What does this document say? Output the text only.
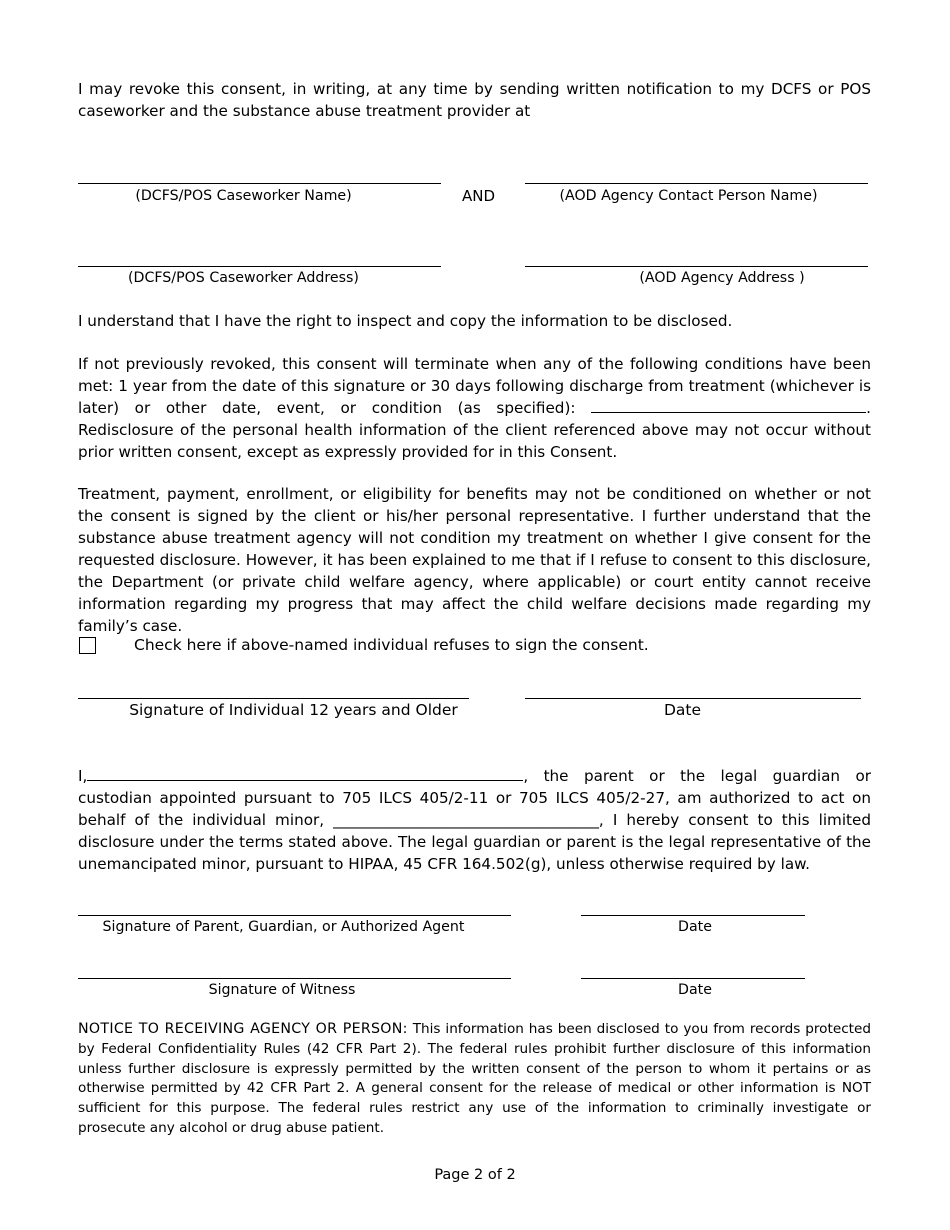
I may revoke this consent, in writing, at any time by sending written notification to my DCFS or POS caseworker and the substance abuse treatment provider at

(DCFS/POS Caseworker Name)	AND	(AOD Agency Contact Person Name)
(DCFS/POS Caseworker Address)	(AOD Agency Address )

I understand that I have the right to inspect and copy the information to be disclosed.

If not previously revoked, this consent will terminate when any of the following conditions have been met: 1 year from the date of this signature or 30 days following discharge from treatment (whichever is later) or other date, event, or condition (as specified):	. Redisclosure of the personal health information of the client referenced above may not occur without prior written consent, except as expressly provided for in this Consent.

Treatment, payment, enrollment, or eligibility for benefits may not be conditioned on whether or not the consent is signed by the client or his/her personal representative. I further understand that the substance abuse treatment agency will not condition my treatment on whether I give consent for the requested disclosure. However, it has been explained to me that if I refuse to consent to this disclosure, the Department (or private child welfare agency, where applicable) or court entity cannot receive information regarding my progress that may affect the child welfare decisions made regarding my family’s case.

Check here if above-named individual refuses to sign the consent.
Signature of Individual 12 years and Older	Date

I,	, the parent or the legal guardian or custodian appointed pursuant to 705 ILCS 405/2-11 or 705 ILCS 405/2-27, am authorized to act on behalf of the individual minor, ___________________________________, I hereby consent to this limited disclosure under the terms stated above. The legal guardian or parent is the legal representative of the unemancipated minor, pursuant to HIPAA, 45 CFR 164.502(g), unless otherwise required by law.

Signature of Parent, Guardian, or Authorized Agent	Date
Signature of Witness	Date

NOTICE TO RECEIVING AGENCY OR PERSON: This information has been disclosed to you from records protected by Federal Confidentiality Rules (42 CFR Part 2). The federal rules prohibit further disclosure of this information unless further disclosure is expressly permitted by the written consent of the person to whom it pertains or as otherwise permitted by 42 CFR Part 2. A general consent for the release of medical or other information is NOT sufficient for this purpose. The federal rules restrict any use of the information to criminally investigate or prosecute any alcohol or drug abuse patient.

Page 2 of 2
